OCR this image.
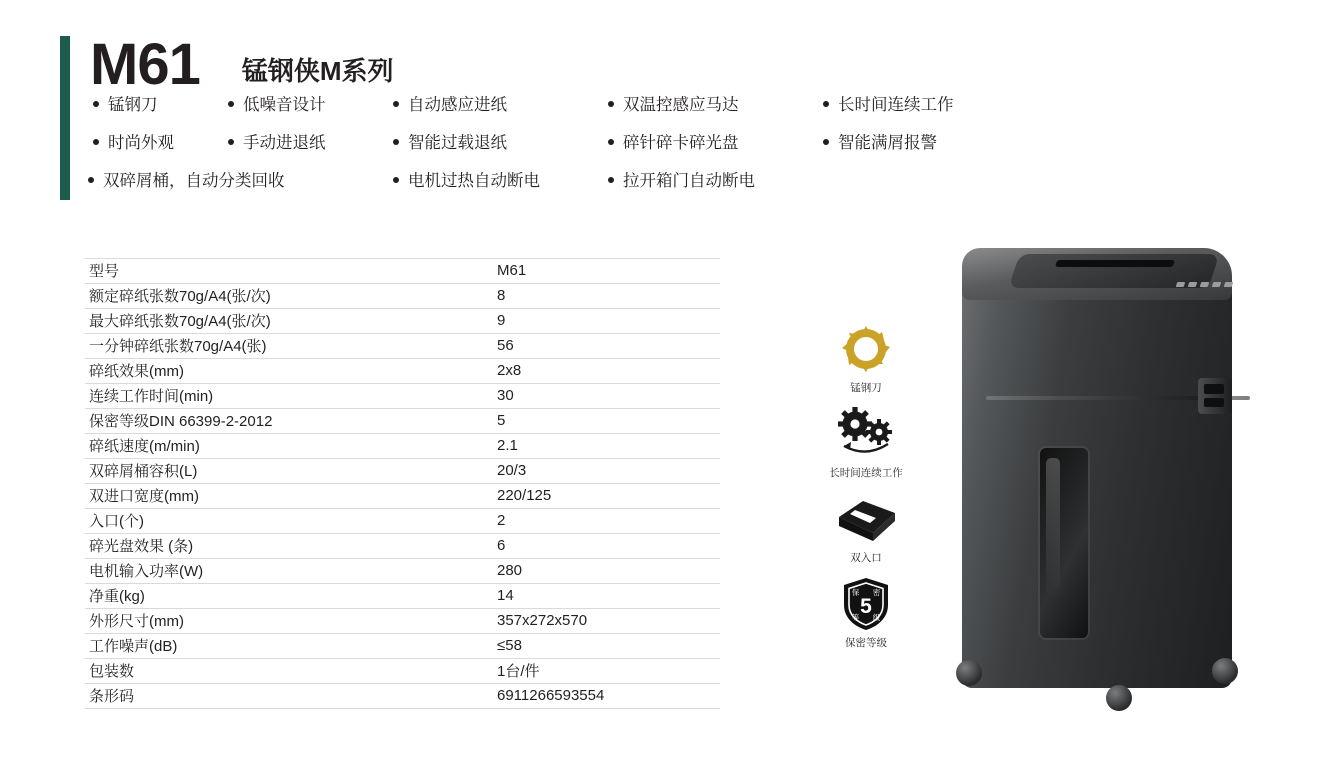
M61 锰钢侠M系列
锰钢刀	低噪音设计	自动感应进纸	双温控感应马达	长时间连续工作
时尚外观	手动进退纸	智能过载退纸	碎针碎卡碎光盘	智能满屑报警
双碎屑桶，自动分类回收	电机过热自动断电	拉开箱门自动断电
型号	M61
额定碎纸张数70g/A4(张/次)	8
最大碎纸张数70g/A4(张/次)	9
一分钟碎纸张数70g/A4(张)	56
碎纸效果(mm)	2x8
连续工作时间(min)	30
保密等级DIN 66399-2-2012	5
碎纸速度(m/min)	2.1
双碎屑桶容积(L)	20/3
双进口宽度(mm)	220/125
入口(个)	2
碎光盘效果 (条)	6
电机输入功率(W)	280
净重(kg)	14
外形尺寸(mm)	357x272x570
工作噪声(dB)	≤58
包装数	1台/件
条形码	6911266593554
锰钢刀
长时间连续工作
双入口
5
保 密
等 级
保密等级
